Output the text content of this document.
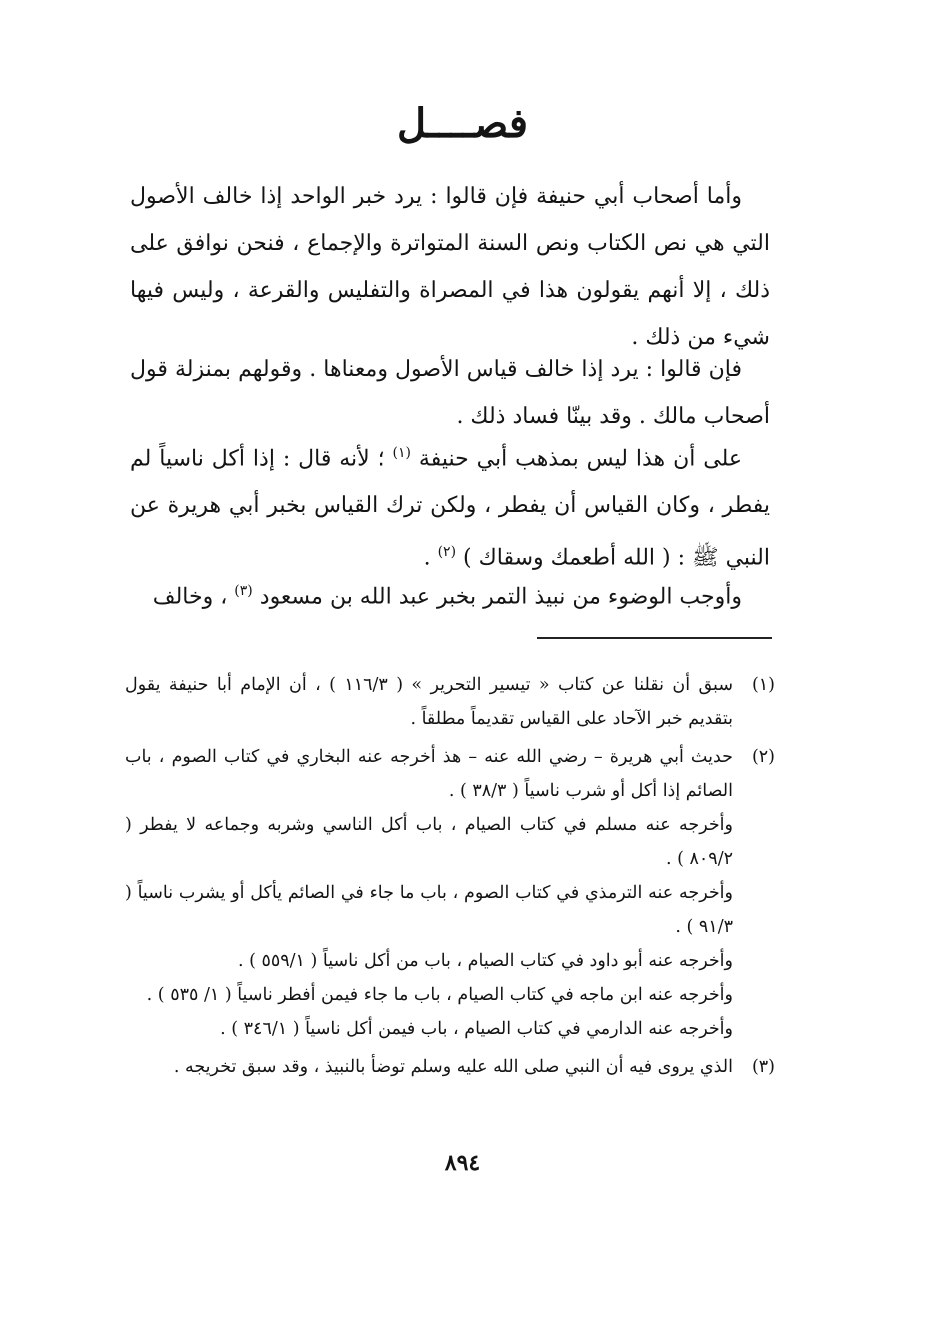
فصــــل

وأما أصحاب أبي حنيفة فإن قالوا : يرد خبر الواحد إذا خالف الأصول التي هي نص الكتاب ونص السنة المتواترة والإجماع ، فنحن نوافق على ذلك ، إلا أنهم يقولون هذا في المصراة والتفليس والقرعة ، وليس فيها شيء من ذلك .

فإن قالوا : يرد إذا خالف قياس الأصول ومعناها . وقولهم بمنزلة قول أصحاب مالك . وقد بينّا فساد ذلك .

على أن هذا ليس بمذهب أبي حنيفة $^{(١)}$ ؛ لأنه قال : إذا أكل ناسياً لم يفطر ، وكان القياس أن يفطر ، ولكن ترك القياس بخبر أبي هريرة عن النبي ﷺ : ( الله أطعمك وسقاك ) $^{(٢)}$ .

وأوجب الوضوء من نبيذ التمر بخبر عبد الله بن مسعود $^{(٣)}$ ، وخالف

(١)
سبق أن نقلنا عن كتاب « تيسير التحرير » ( ١١٦/٣ ) ، أن الإمام أبا حنيفة يقول بتقديم خبر الآحاد على القياس تقديماً مطلقاً .
(٢)
حديث أبي هريرة – رضي الله عنه – هذ أخرجه عنه البخاري في كتاب الصوم ، باب الصائم إذا أكل أو شرب ناسياً ( ٣٨/٣ ) .
وأخرجه عنه مسلم في كتاب الصيام ، باب أكل الناسي وشربه وجماعه لا يفطر ( ٨٠٩/٢ ) .
وأخرجه عنه الترمذي في كتاب الصوم ، باب ما جاء في الصائم يأكل أو يشرب ناسياً ( ٩١/٣ ) .
وأخرجه عنه أبو داود في كتاب الصيام ، باب من أكل ناسياً ( ٥٥٩/١ ) .
وأخرجه عنه ابن ماجه في كتاب الصيام ، باب ما جاء فيمن أفطر ناسياً ( ١/ ٥٣٥ ) .
وأخرجه عنه الدارمي في كتاب الصيام ، باب فيمن أكل ناسياً ( ٣٤٦/١ ) .
(٣)
الذي يروى فيه أن النبي صلى الله عليه وسلم توضأ بالنبيذ ، وقد سبق تخريجه .
٨٩٤
